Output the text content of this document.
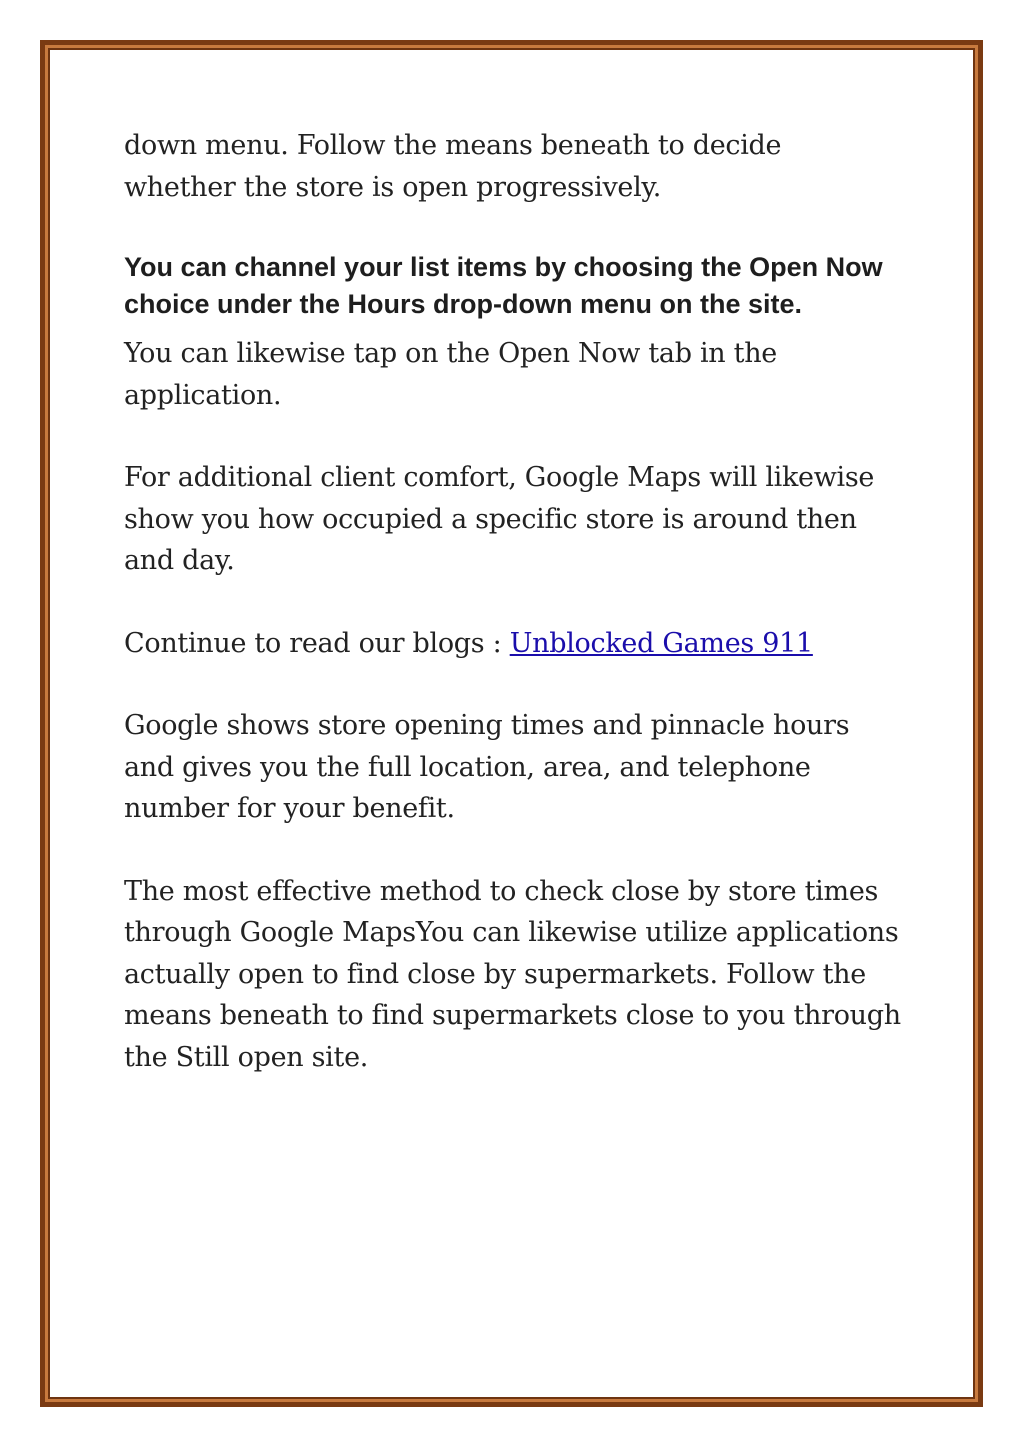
down menu. Follow the means beneath to decide whether the store is open progressively.

You can channel your list items by choosing the Open Now choice under the Hours drop-down menu on the site.

You can likewise tap on the Open Now tab in the application.

For additional client comfort, Google Maps will likewise show you how occupied a specific store is around then and day.

Continue to read our blogs : Unblocked Games 911

Google shows store opening times and pinnacle hours and gives you the full location, area, and telephone number for your benefit.

The most effective method to check close by store times through Google MapsYou can likewise utilize applications actually open to find close by supermarkets. Follow the means beneath to find supermarkets close to you through the Still open site.
